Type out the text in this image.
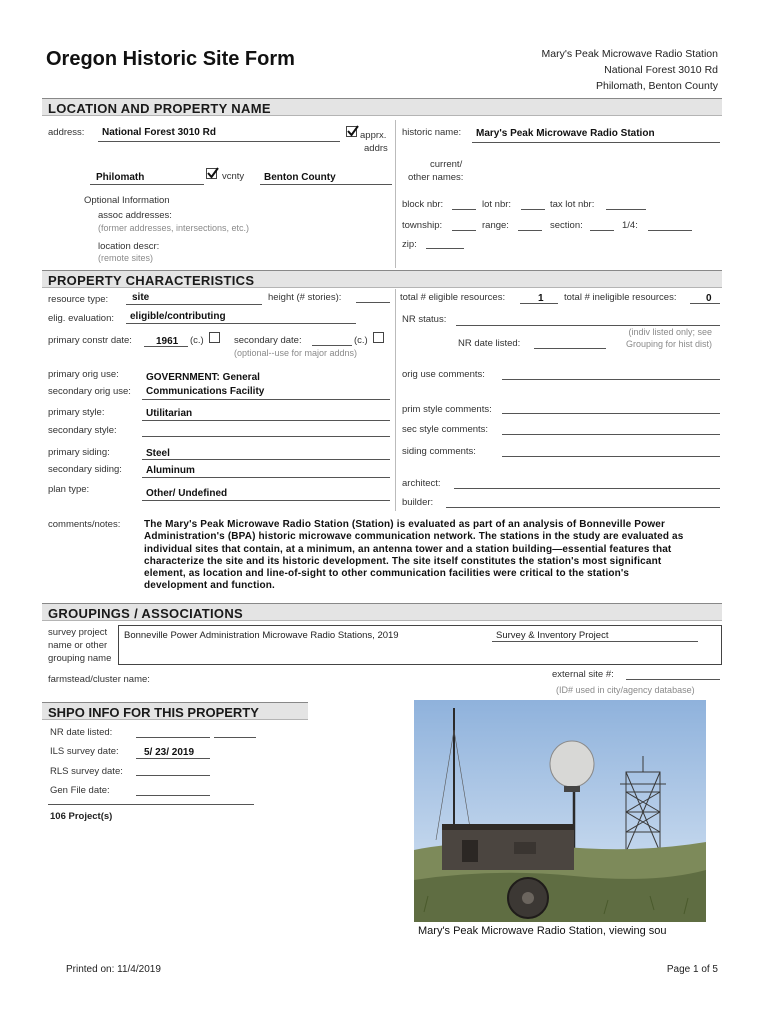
Oregon Historic Site Form	Mary's Peak Microwave Radio Station
National Forest 3010 Rd
Philomath, Benton County
LOCATION AND PROPERTY NAME
address: National Forest 3010 Rd	apprx.
addrs
historic name: Mary's Peak Microwave Radio Station
Philomath	vcnty Benton County
current/
other names:
Optional Information
assoc addresses:
(former addresses, intersections, etc.)
location descr:
(remote sites)
block nbr:	lot nbr:	tax lot nbr:
township:	range:	section:	1/4:
zip:
PROPERTY CHARACTERISTICS
resource type: site	height (# stories):	total # eligible resources:	1 total # ineligible resources:	0
elig. evaluation: eligible/contributing	NR status:
primary constr date: 1961 (c.)	secondary date:	(c.)
(optional--use for major addns)
NR date listed:
(indiv listed only; see
Grouping for hist dist)
primary orig use:	GOVERNMENT: General
secondary orig use: Communications Facility
orig use comments:
primary style:	Utilitarian	prim style comments:
secondary style:	sec style comments:
primary siding:	Steel	siding comments:
secondary siding: Aluminum
plan type:	Other/ Undefined
architect:
builder:
comments/notes: The Mary's Peak Microwave Radio Station (Station) is evaluated as part of an analysis of Bonneville Power
Administration's (BPA) historic microwave communication network. The stations in the study are evaluated as
individual sites that contain, at a minimum, an antenna tower and a station building—essential features that
characterize the site and its historic development. The site itself constitutes the station's most significant
element, as location and line-of-sight to other communication facilities were critical to the station's
development and function.
GROUPINGS / ASSOCIATIONS
survey project
name or other
grouping name
Bonneville Power Administration Microwave Radio Stations, 2019	Survey & Inventory Project
farmstead/cluster name:	external site #:
(ID# used in city/agency database)
SHPO INFO FOR THIS PROPERTY
NR date listed:
ILS survey date:	5/ 23/ 2019
RLS survey date:
Gen File date:
106 Project(s)
Mary's Peak Microwave Radio Station, viewing sou
Printed on: 11/4/2019	Page 1 of 5
